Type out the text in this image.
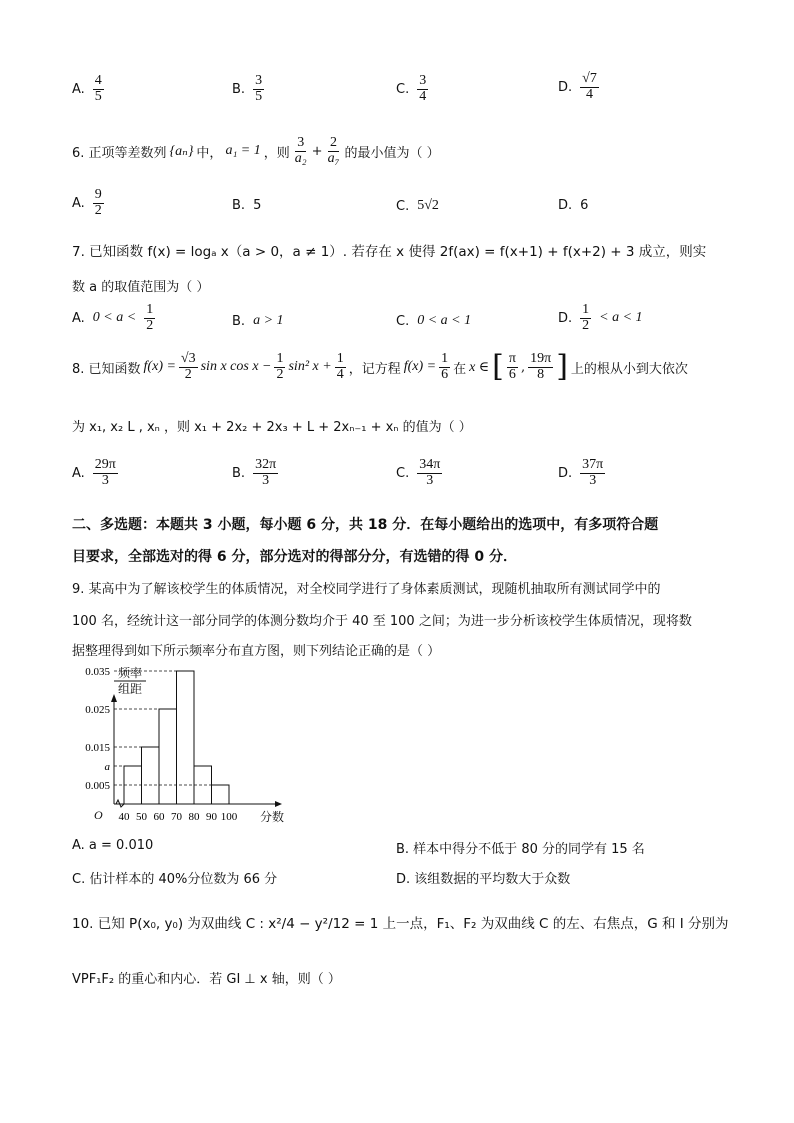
A. $\frac{4}{5}$	B. $\frac{3}{5}$	C. $\frac{3}{4}$	D. $\frac{√7}{4}$
6. 正项等差数列 {aₙ} 中， a₁ = 1 ，则 $\frac{3}{\text{a₂}} + \frac{2}{\text{a₇}}$ 的最小值为（ ）
A. $\frac{9}{2}$	B. 5	C. 5√2	D. 6
7. 已知函数 f(x) = logₐ x（a > 0，a ≠ 1）. 若存在 x 使得 2f(ax) = f(x+1) + f(x+2) + 3 成立，则实
数 a 的取值范围为（ ）
A. $0 < a < \frac{1}{2}$	B. a > 1	C. 0 < a < 1	D. $\frac{1}{2} < a < 1$
8. 已知函数 $f(x) = \frac{√3}{2}$ sin x $\cos x - \frac{1}{2} \sin^2$ $x + \frac{1}{4}$ ，记方程 $f(x) = \frac{1}{6}$ 在 x ∈ [ $\frac{\pi}{6}$ , $\frac{19\pi}{8}$ ] 上的根从小到大依次
为 x₁, x₂ L , xₙ ，则 x₁ + 2x₂ + 2x₃ + L + 2xₙ₋₁ + xₙ 的值为（ ）
A. $\frac{29\pi}{3}$	B. $\frac{32\pi}{3}$	C. $\frac{34\pi}{3}$	D. $\frac{37\pi}{3}$
二、多选题：本题共 3 小题，每小题 6 分，共 18 分．在每小题给出的选项中，有多项符合题
目要求，全部选对的得 6 分，部分选对的得部分分，有选错的得 0 分．
9. 某高中为了解该校学生的体质情况，对全校同学进行了身体素质测试，现随机抽取所有测试同学中的
100 名，经统计这一部分同学的体测分数均介于 40 至 100 之间；为进一步分析该校学生体质情况，现将数
据整理得到如下所示频率分布直方图，则下列结论正确的是（ ）
频率
组距
O	分数
0.035
0.025
0.015
a
0.005
40 50 60 70 80 90 100
A. a = 0.010	B. 样本中得分不低于 80 分的同学有 15 名
C. 估计样本的 40%分位数为 66 分	D. 该组数据的平均数大于众数
10. 已知 P(x₀, y₀) 为双曲线 C : x²/4 − y²/12 = 1 上一点，F₁、F₂ 为双曲线 C 的左、右焦点，G 和 I 分别为
VPF₁F₂ 的重心和内心．若 GI ⊥ x 轴，则（ ）
